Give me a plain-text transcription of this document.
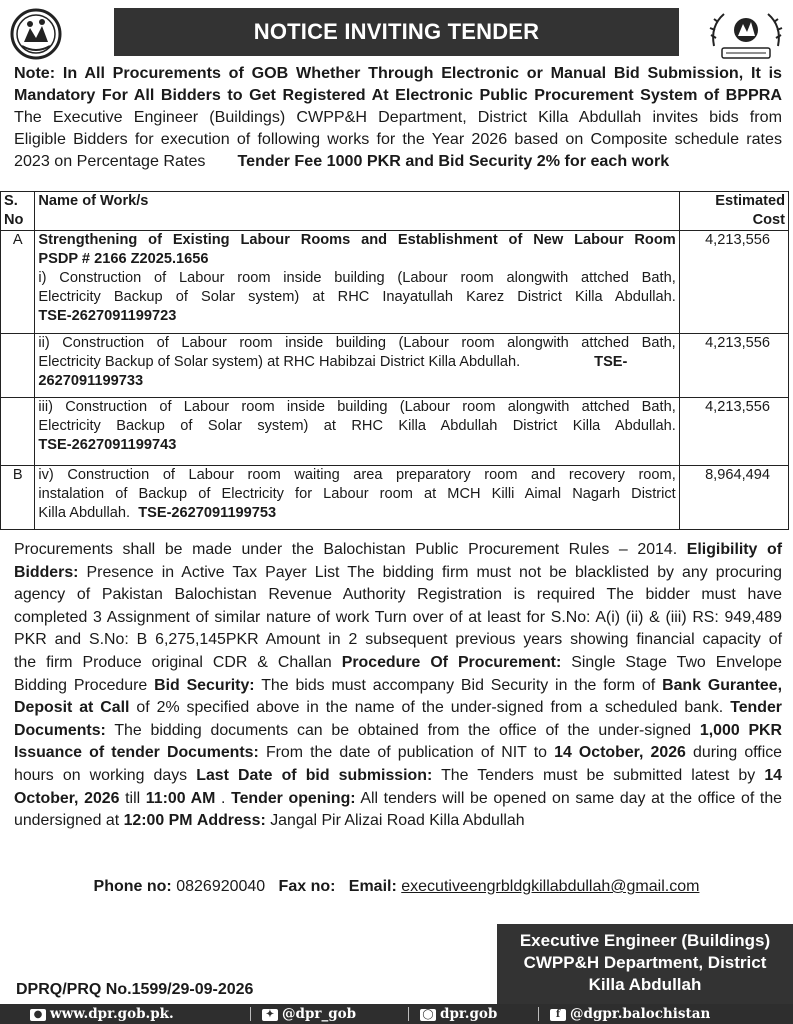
NOTICE INVITING TENDER
Note: In All Procurements of GOB Whether Through Electronic or Manual Bid Submission, It is
Mandatory For All Bidders to Get Registered At Electronic Public Procurement System of BPPRA
The Executive Engineer (Buildings) CWPP&H Department, District Killa Abdullah invites bids from
Eligible Bidders for execution of following works for the Year 2026 based on Composite schedule rates
2023 on Percentage Rates Tender Fee 1000 PKR and Bid Security 2% for each work
S. No	Name of Work/s	Estimated
Cost
A	Strengthening of Existing Labour Rooms and Establishment of New Labour Room
PSDP # 2166 Z2025.1656
i) Construction of Labour room inside building (Labour room alongwith attched Bath,
Electricity Backup of Solar system) at RHC Inayatullah Karez District Killa Abdullah.
TSE-2627091199723	4,213,556

	ii) Construction of Labour room inside building (Labour room alongwith attched Bath,
Electricity Backup of Solar system) at RHC Habibzai District Killa Abdullah. TSE-
2627091199733	4,213,556

	iii) Construction of Labour room inside building (Labour room alongwith attched Bath,
Electricity Backup of Solar system) at RHC Killa Abdullah District Killa Abdullah.
TSE-2627091199743	4,213,556
B	iv) Construction of Labour room waiting area preparatory room and recovery room,
instalation of Backup of Electricity for Labour room at MCH Killi Aimal Nagarh District
Killa Abdullah. TSE-2627091199753	8,964,494
Procurements shall be made under the Balochistan Public Procurement Rules – 2014. Eligibility of
Bidders: Presence in Active Tax Payer List The bidding firm must not be blacklisted by any procuring
agency of Pakistan Balochistan Revenue Authority Registration is required The bidder must have
completed 3 Assignment of similar nature of work Turn over of at least for S.No: A(i) (ii) & (iii) RS: 949,489
PKR and S.No: B 6,275,145PKR Amount in 2 subsequent previous years showing financial capacity of
the firm Produce original CDR & Challan Procedure Of Procurement: Single Stage Two Envelope
Bidding Procedure Bid Security: The bids must accompany Bid Security in the form of Bank Gurantee,
Deposit at Call of 2% specified above in the name of the under-signed from a scheduled bank. Tender
Documents: The bidding documents can be obtained from the office of the under-signed 1,000 PKR
Issuance of tender Documents: From the date of publication of NIT to 14 October, 2026 during office
hours on working days Last Date of bid submission: The Tenders must be submitted latest by 14
October, 2026 till 11:00 AM . Tender opening: All tenders will be opened on same day at the office of the
undersigned at 12:00 PM Address: Jangal Pir Alizai Road Killa Abdullah
Phone no: 0826920040 Fax no: Email: executiveengrbldgkillabdullah@gmail.com
Executive Engineer (Buildings)
CWPP&H Department, District
Killa Abdullah
DPRQ/PRQ No.1599/29-09-2026
● www.dpr.gob.pk.	✦ @dpr_gob	◯ dpr.gob	f @dgpr.balochistan
